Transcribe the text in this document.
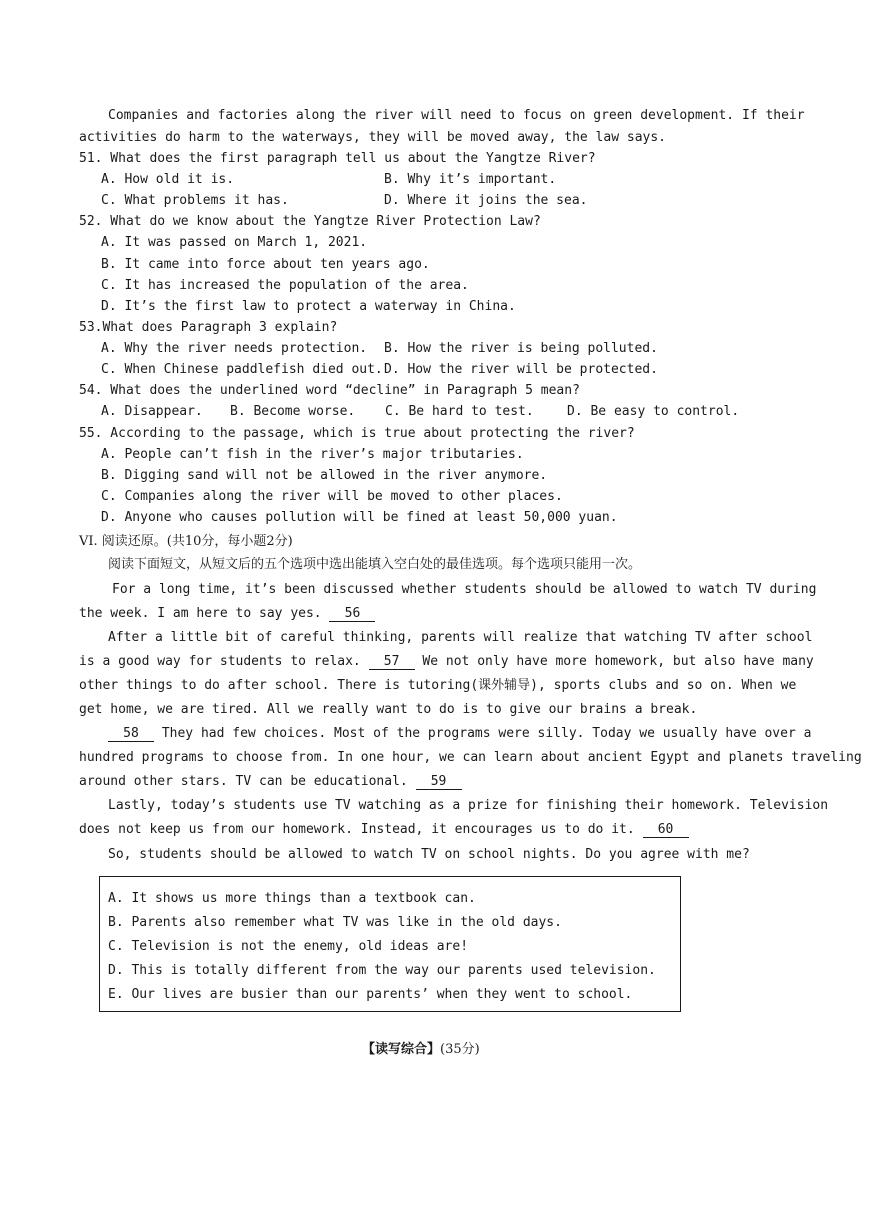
Companies and factories along the river will need to focus on green development. If their
activities do harm to the waterways, they will be moved away, the law says.
51. What does the first paragraph tell us about the Yangtze River?
A. How old it is.	B. Why it’s important.
C. What problems it has.	D. Where it joins the sea.
52. What do we know about the Yangtze River Protection Law?
A. It was passed on March 1, 2021.
B. It came into force about ten years ago.
C. It has increased the population of the area.
D. It’s the first law to protect a waterway in China.
53.What does Paragraph 3 explain?
A. Why the river needs protection. B. How the river is being polluted.
C. When Chinese paddlefish died out. D. How the river will be protected.
54. What does the underlined word “decline” in Paragraph 5 mean?
A. Disappear. B. Become worse. C. Be hard to test.	D. Be easy to control.
55. According to the passage, which is true about protecting the river?
A. People can’t fish in the river’s major tributaries.
B. Digging sand will not be allowed in the river anymore.
C. Companies along the river will be moved to other places.
D. Anyone who causes pollution will be fined at least 50,000 yuan.
VI. 阅读还原。(共10分，每小题2分)
阅读下面短文，从短文后的五个选项中选出能填入空白处的最佳选项。每个选项只能用一次。
For a long time, it’s been discussed whether students should be allowed to watch TV during
the week. I am here to say yes. 56
After a little bit of careful thinking, parents will realize that watching TV after school
is a good way for students to relax. 57 We not only have more homework, but also have many
other things to do after school. There is tutoring(课外辅导), sports clubs and so on. When we
get home, we are tired. All we really want to do is to give our brains a break.
58 They had few choices. Most of the programs were silly. Today we usually have over a
hundred programs to choose from. In one hour, we can learn about ancient Egypt and planets traveling
around other stars. TV can be educational. 59
Lastly, today’s students use TV watching as a prize for finishing their homework. Television
does not keep us from our homework. Instead, it encourages us to do it. 60
So, students should be allowed to watch TV on school nights. Do you agree with me?
A. It shows us more things than a textbook can.
B. Parents also remember what TV was like in the old days.
C. Television is not the enemy, old ideas are!
D. This is totally different from the way our parents used television.
E. Our lives are busier than our parents’ when they went to school.
【读写综合】(35分)
